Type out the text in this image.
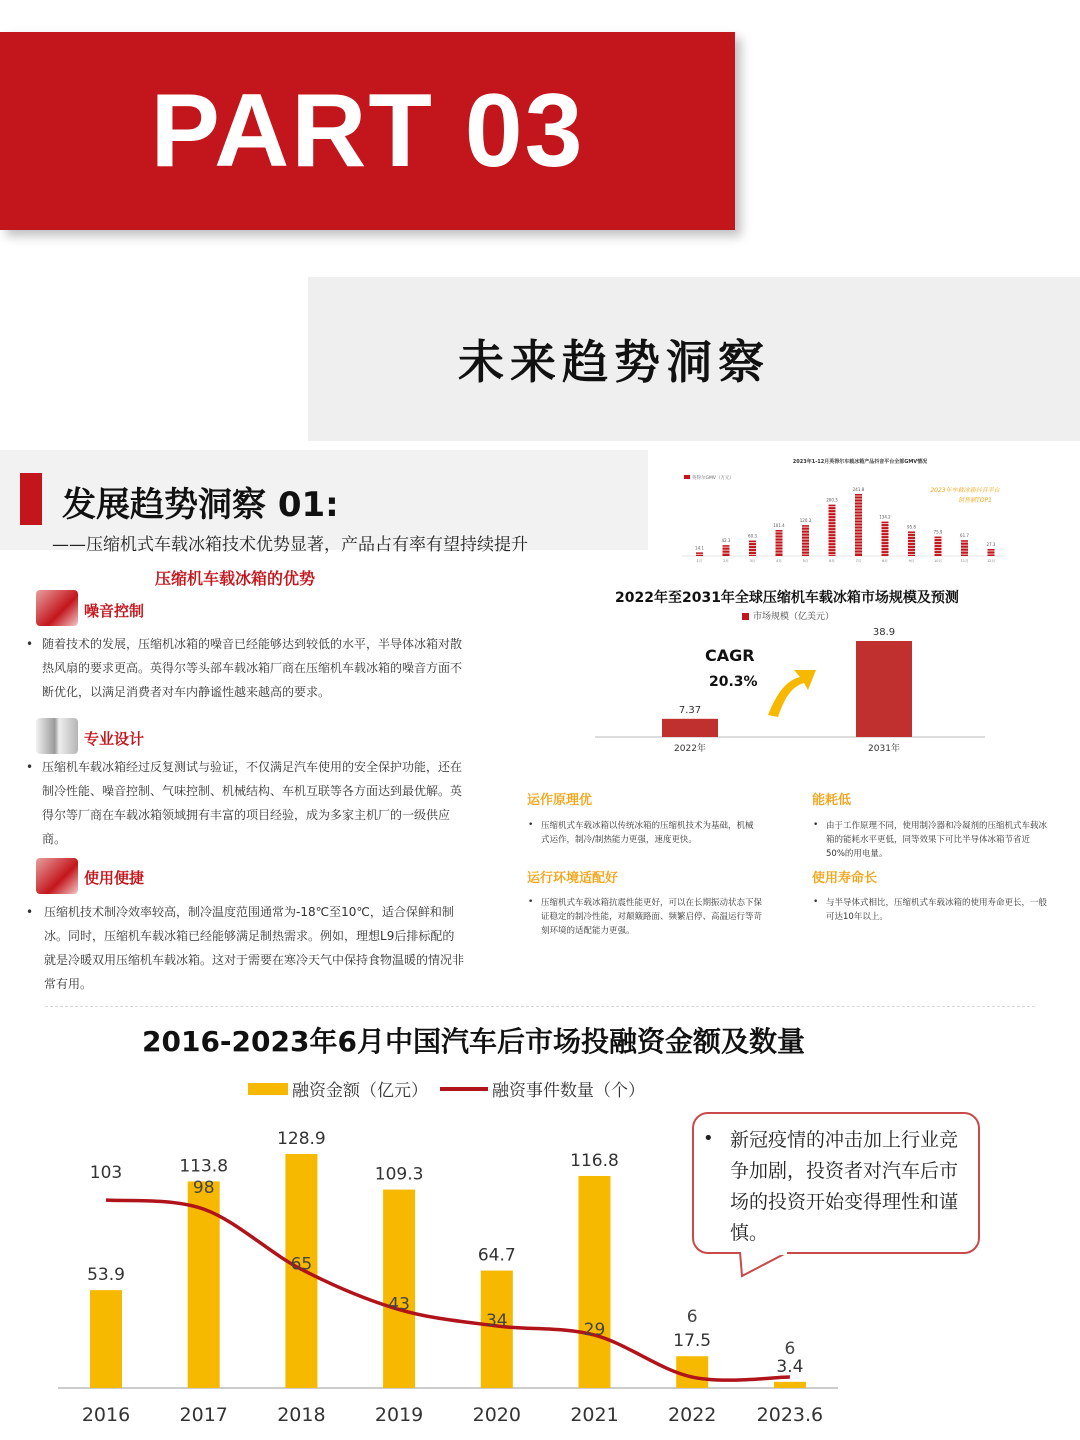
PART 03
未来趋势洞察
发展趋势洞察 01:
——压缩机式车载冰箱技术优势显著，产品占有率有望持续提升
压缩机车载冰箱的优势
噪音控制
• 随着技术的发展，压缩机冰箱的噪音已经能够达到较低的水平，半导体冰箱对散热风扇的要求更高。英得尔等头部车载冰箱厂商在压缩机车载冰箱的噪音方面不断优化，以满足消费者对车内静谧性越来越高的要求。
专业设计
• 压缩机车载冰箱经过反复测试与验证，不仅满足汽车使用的安全保护功能，还在制冷性能、噪音控制、气味控制、机械结构、车机互联等各方面达到最优解。英得尔等厂商在车载冰箱领域拥有丰富的项目经验，成为多家主机厂的一级供应商。
使用便捷
• 压缩机技术制冷效率较高，制冷温度范围通常为-18℃至10℃，适合保鲜和制冰。同时，压缩机车载冰箱已经能够满足制热需求。例如，理想L9后排标配的就是冷暖双用压缩机车载冰箱。这对于需要在寒冷天气中保持食物温暖的情况非常有用。
2023年1-12月英得尔车载冰箱产品抖音平台全部GMV情况
英得尔GMV（万元）
2023年车载冰箱抖音平台
销售额TOP1
14.1
1月
42.3
2月
60.3
3月
101.4
4月
120.3
5月
200.3
6月
241.8
7月
134.2
8月
95.8
9月
75.9
10月
61.7
11月
27.3
12月
2022年至2031年全球压缩机车载冰箱市场规模及预测
市场规模（亿美元）
7.37
2022年
38.9
2031年
CAGR
20.3%
运作原理优
• 压缩机式车载冰箱以传统冰箱的压缩机技术为基础，机械式运作，制冷/制热能力更强，速度更快。
能耗低
• 由于工作原理不同，使用制冷器和冷凝剂的压缩机式车载冰箱的能耗水平更低，同等效果下可比半导体冰箱节省近50%的用电量。
运行环境适配好
• 压缩机式车载冰箱抗震性能更好，可以在长期振动状态下保证稳定的制冷性能，对颠簸路面、频繁启停、高温运行等苛刻环境的适配能力更强。
使用寿命长
• 与半导体式相比，压缩机式车载冰箱的使用寿命更长，一般可达10年以上。
2016-2023年6月中国汽车后市场投融资金额及数量
融资金额（亿元）	融资事件数量（个）
53.9
2016
113.8
2017
128.9
2018
109.3
2019
64.7
2020
116.8
2021
17.5
2022
3.4
2023.6
103
98
65
43
34	29
6
6
• 新冠疫情的冲击加上行业竞争加剧，投资者对汽车后市场的投资开始变得理性和谨慎。
